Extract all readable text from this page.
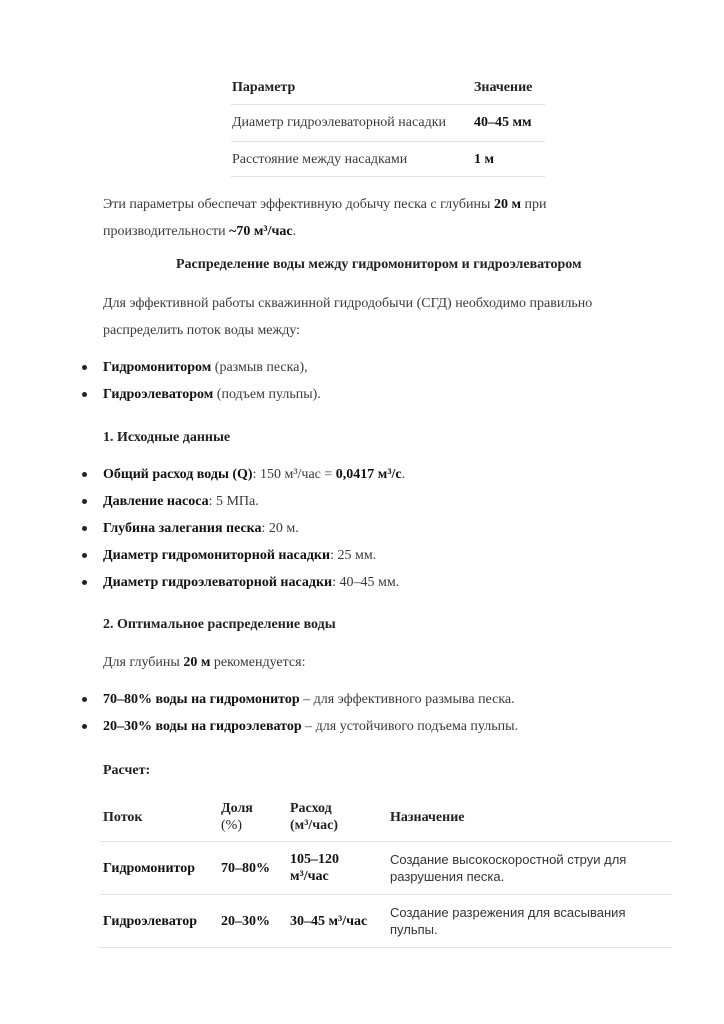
Параметр	Значение
Диаметр гидроэлеваторной насадки 40–45 мм
Расстояние между насадками	1 м

Эти параметры обеспечат эффективную добычу песка с глубины 20 м при производительности ~70 м³/час.

Распределение воды между гидромонитором и гидроэлеватором

Для эффективной работы скважинной гидродобычи (СГД) необходимо правильно распределить поток воды между:

Гидромонитором (размыв песка),
Гидроэлеватором (подъем пульпы).
1. Исходные данные
Общий расход воды (Q): 150 м³/час = 0,0417 м³/с.
Давление насоса: 5 МПа.
Глубина залегания песка: 20 м.
Диаметр гидромониторной насадки: 25 мм.
Диаметр гидроэлеваторной насадки: 40–45 мм.
2. Оптимальное распределение воды

Для глубины 20 м рекомендуется:

70–80% воды на гидромонитор – для эффективного размыва песка.
20–30% воды на гидроэлеватор – для устойчивого подъема пульпы.
Расчет:
Поток
Доля
(%)
Расход
(м³/час)
Назначение
Гидромонитор 70–80%
105–120
м³/час
Создание высокоскоростной струи для
разрушения песка.
Гидроэлеватор 20–30% 30–45 м³/час
Создание разрежения для всасывания
пульпы.
